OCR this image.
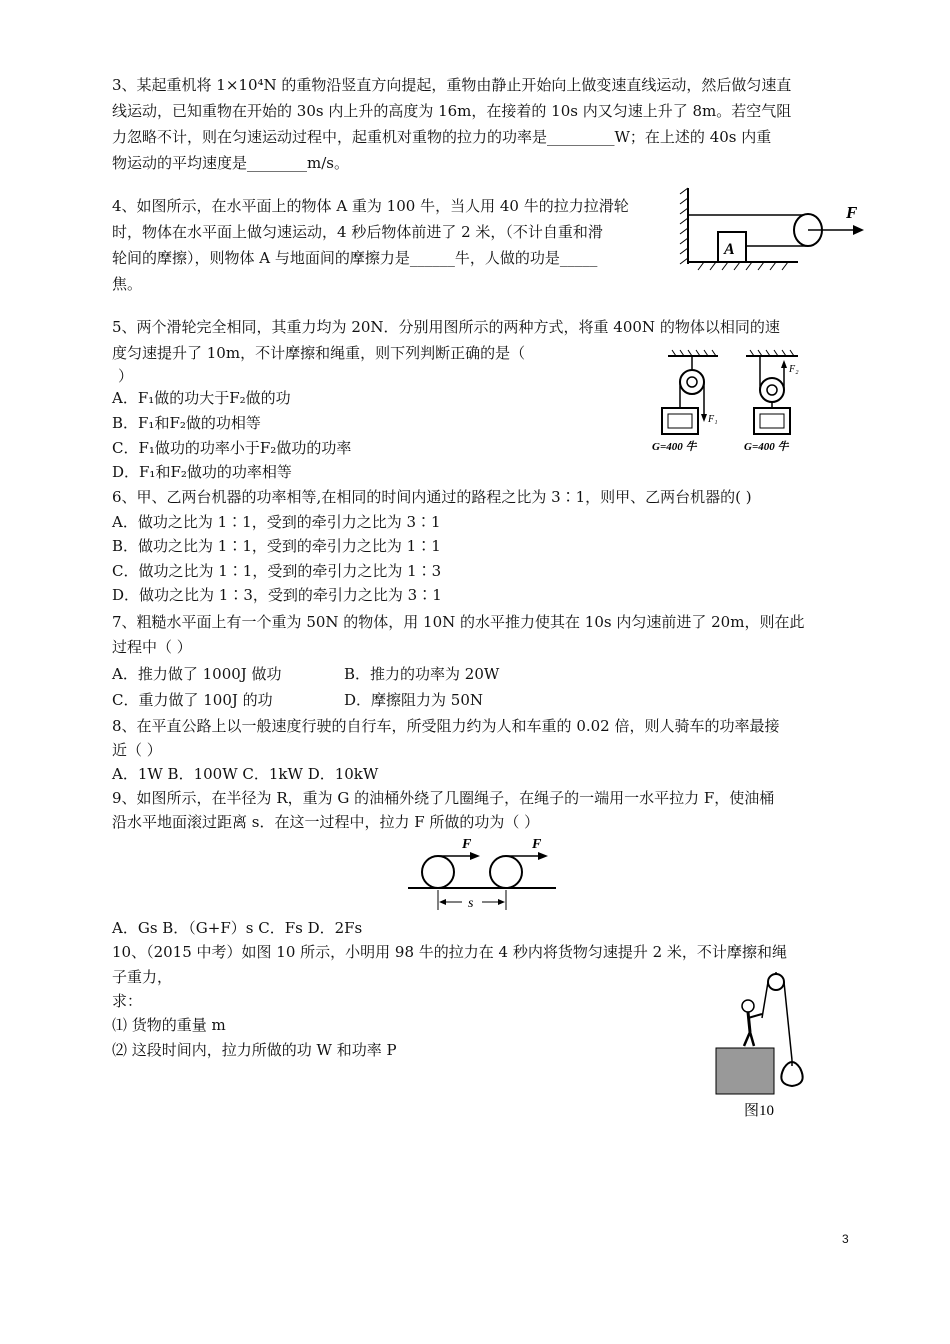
3、某起重机将 1×10⁴N 的重物沿竖直方向提起，重物由静止开始向上做变速直线运动，然后做匀速直
线运动，已知重物在开始的 30s 内上升的高度为 16m，在接着的 10s 内又匀速上升了 8m。若空气阻
力忽略不计，则在匀速运动过程中，起重机对重物的拉力的功率是_________W；在上述的 40s 内重
物运动的平均速度是________m/s。
4、如图所示，在水平面上的物体 A 重为 100 牛，当人用 40 牛的拉力拉滑轮
时，物体在水平面上做匀速运动，4 秒后物体前进了 2 米，（不计自重和滑
轮间的摩擦），则物体 A 与地面间的摩擦力是______牛，人做的功是_____
焦。
A
F
5、两个滑轮完全相同，其重力均为 20N．分别用图所示的两种方式，将重 400N 的物体以相同的速
度匀速提升了 10m，不计摩擦和绳重，则下列判断正确的是（
）
A．F₁做的功大于F₂做的功
B．F₁和F₂做的功相等
C．F₁做功的功率小于F₂做功的功率
D．F₁和F₂做功的功率相等
F₁
G=400 牛
F₂
G=400 牛
6、甲、乙两台机器的功率相等,在相同的时间内通过的路程之比为 3∶1，则甲、乙两台机器的( )
A．做功之比为 1∶1，受到的牵引力之比为 3∶1
B．做功之比为 1∶1，受到的牵引力之比为 1∶1
C．做功之比为 1∶1，受到的牵引力之比为 1∶3
D．做功之比为 1∶3，受到的牵引力之比为 3∶1
7、粗糙水平面上有一个重为 50N 的物体，用 10N 的水平推力使其在 10s 内匀速前进了 20m，则在此
过程中（ ）
A．推力做了 1000J 做功	B．推力的功率为 20W
C．重力做了 100J 的功	D．摩擦阻力为 50N
8、在平直公路上以一般速度行驶的自行车，所受阻力约为人和车重的 0.02 倍，则人骑车的功率最接
近（ ）
A．1W B．100W C．1kW D．10kW
9、如图所示，在半径为 R，重为 G 的油桶外绕了几圈绳子，在绳子的一端用一水平拉力 F，使油桶
沿水平地面滚过距离 s．在这一过程中，拉力 F 所做的功为（ ）
F	F
s
A．Gs B．（G+F）s C．Fs D．2Fs
10、（2015 中考）如图 10 所示，小明用 98 牛的拉力在 4 秒内将货物匀速提升 2 米，不计摩擦和绳
子重力，
求：
⑴ 货物的重量 m
⑵ 这段时间内，拉力所做的功 W 和功率 P
图10
3
